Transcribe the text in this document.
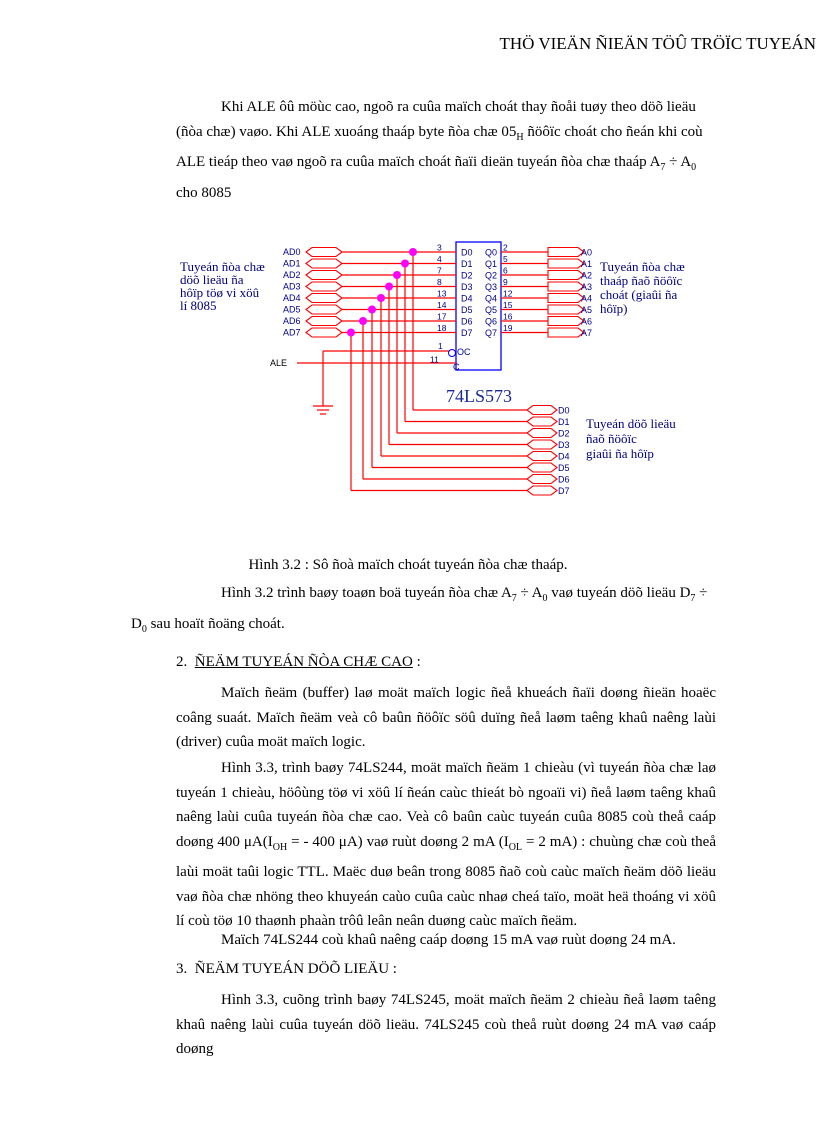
THÖ VIEÄN ÑIEÄN TÖÛ TRÖÏC TUYEÁN

Khi ALE ôû möùc cao, ngoõ ra cuûa maïch choát thay ñoåi tuøy theo döõ lieäu
(ñòa chæ) vaøo. Khi ALE xuoáng thaáp byte ñòa chæ $05_H$ ñöôïc choát cho ñeán khi coù
ALE tieáp theo vaø ngoõ ra cuûa maïch choát ñaïi dieän tuyeán ñòa chæ thaáp $A_7 \div A_0$
cho 8085

Tuyeán ñòa chæ
döõ lieäu ña
hôïp töø vi xöû
lí 8085
Tuyeán ñòa chæ
thaáp ñaõ ñöôïc
choát (giaûi ña
hôïp)
Tuyeán döõ lieäu
ñaõ ñöôïc
giaûi ña hôïp
AD0	3 D0 Q0 2	A0
D0
AD1	4 D1 Q1 5	A1
D1
AD2	7 D2 Q2 6	A2
D2
AD3	8 D3 Q3 9	A3
D3
AD4	13 D4 Q4 12	A4
D4
AD5	14 D5 Q5 15	A5
D5
AD6	17 D6 Q6 16	A6
D6
AD7	18 D7 Q7 19	A7
D7
1
OC
11
C
ALE
74LS573
Hình 3.2 : Sô ñoà maïch choát tuyeán ñòa chæ thaáp.

Hình 3.2 trình baøy toaøn boä tuyeán ñòa chæ $A_7 \div A_0$ vaø tuyeán döõ lieäu $D_7$ ÷
$D_0$ sau hoaït ñoäng choát.

2. ÑEÄM TUYEÁN ÑÒA CHÆ CAO :

Maïch ñeäm (buffer) laø moät maïch logic ñeå khueách ñaïi doøng ñieän hoaëc coâng suaát. Maïch ñeäm veà cô baûn ñöôïc söû duïng ñeå laøm taêng khaû naêng laùi (driver) cuûa moät maïch logic.

Hình 3.3, trình baøy 74LS244, moät maïch ñeäm 1 chieàu (vì tuyeán ñòa chæ laø tuyeán 1 chieàu, höôùng töø vi xöû lí ñeán caùc thieát bò ngoaïi vi) ñeå laøm taêng khaû naêng laùi cuûa tuyeán ñòa chæ cao. Veà cô baûn caùc tuyeán cuûa 8085 coù theå caáp doøng 400 $\mu A(I_{OH}$ = - 400 μA) vaø ruùt doøng 2 mA ($I_{OL} = 2$ mA) : chuùng chæ coù theå laùi moät taûi logic TTL. Maëc duø beân trong 8085 ñaõ coù caùc maïch ñeäm döõ lieäu vaø ñòa chæ nhöng theo khuyeán caùo cuûa caùc nhaø cheá taïo, moät heä thoáng vi xöû lí coù töø 10 thaønh phaàn trôû leân neân duøng caùc maïch ñeäm.

Maïch 74LS244 coù khaû naêng caáp doøng 15 mA vaø ruùt doøng 24 mA.

3. ÑEÄM TUYEÁN DÖÕ LIEÄU :

Hình 3.3, cuõng trình baøy 74LS245, moät maïch ñeäm 2 chieàu ñeå laøm taêng khaû naêng laùi cuûa tuyeán döõ lieäu. 74LS245 coù theå ruùt doøng 24 mA vaø caáp doøng
